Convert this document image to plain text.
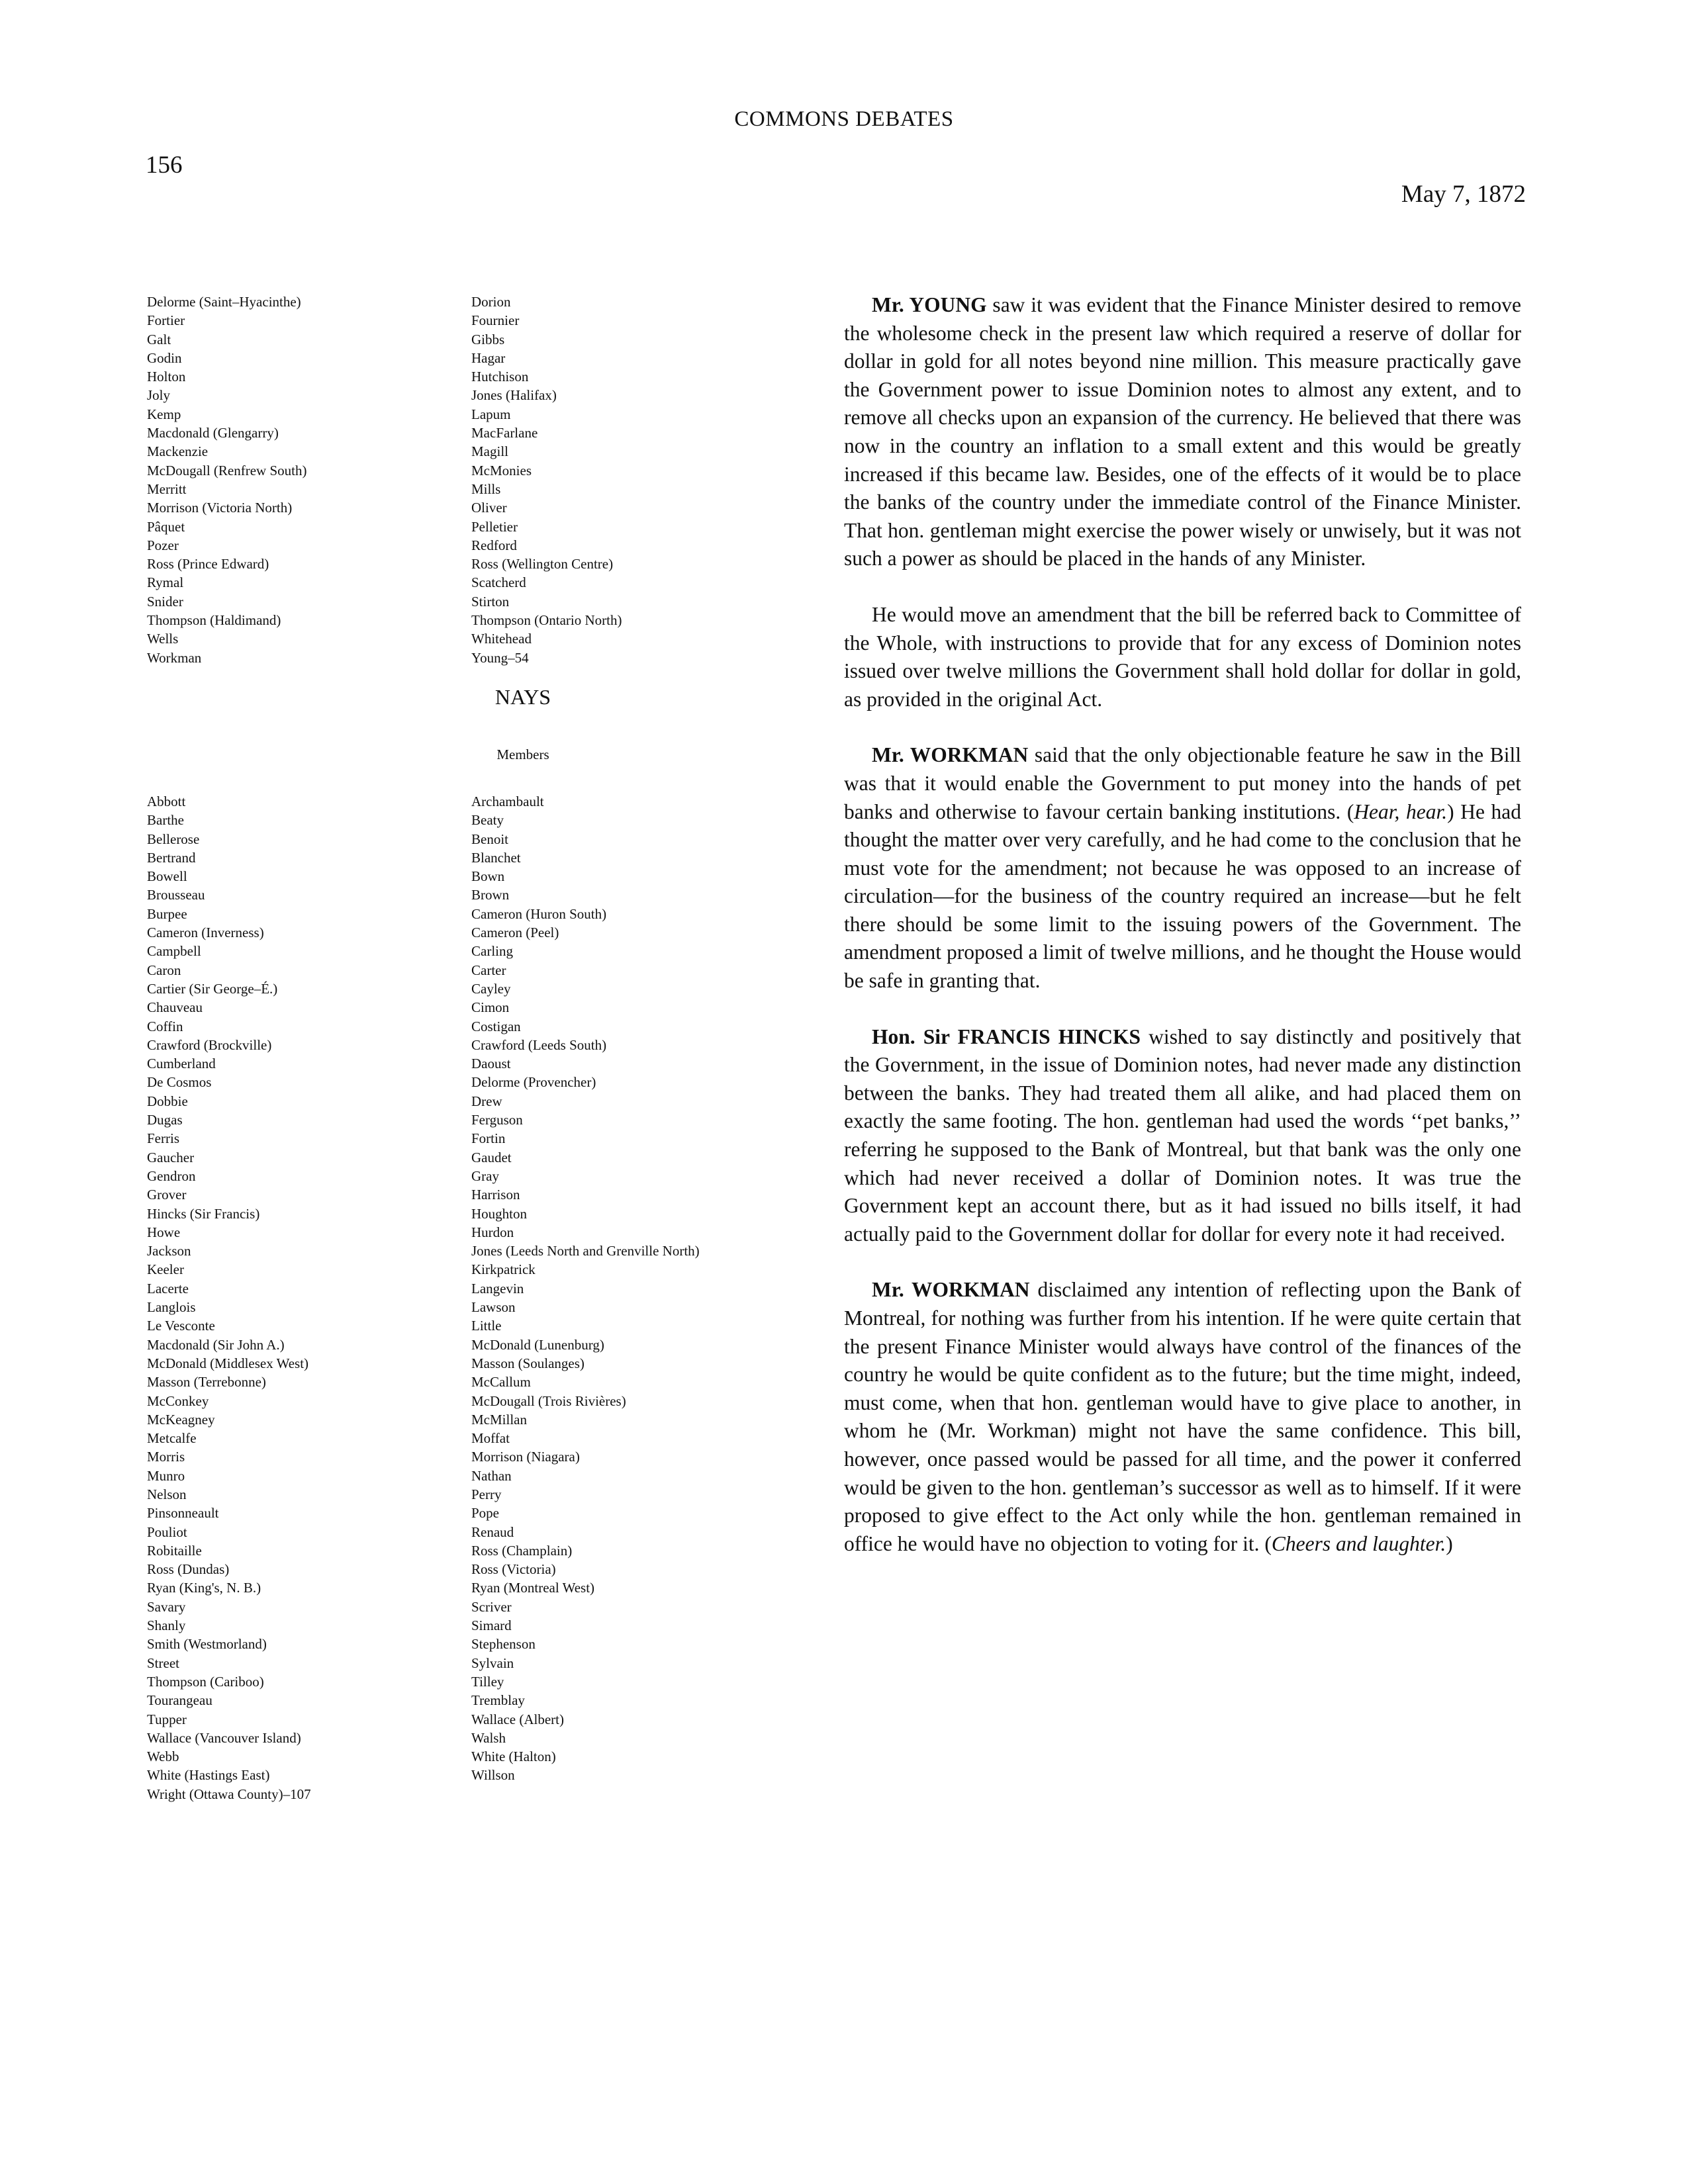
COMMONS DEBATES
156
May 7, 1872
Delorme (Saint–Hyacinthe)
Fortier
Galt
Godin
Holton
Joly
Kemp
Macdonald (Glengarry)
Mackenzie
McDougall (Renfrew South)
Merritt
Morrison (Victoria North)
Pâquet
Pozer
Ross (Prince Edward)
Rymal
Snider
Thompson (Haldimand)
Wells
Workman
Dorion
Fournier
Gibbs
Hagar
Hutchison
Jones (Halifax)
Lapum
MacFarlane
Magill
McMonies
Mills
Oliver
Pelletier
Redford
Ross (Wellington Centre)
Scatcherd
Stirton
Thompson (Ontario North)
Whitehead
Young–54
NAYS
Members
Abbott
Barthe
Bellerose
Bertrand
Bowell
Brousseau
Burpee
Cameron (Inverness)
Campbell
Caron
Cartier (Sir George–É.)
Chauveau
Coffin
Crawford (Brockville)
Cumberland
De Cosmos
Dobbie
Dugas
Ferris
Gaucher
Gendron
Grover
Hincks (Sir Francis)
Howe
Jackson
Keeler
Lacerte
Langlois
Le Vesconte
Macdonald (Sir John A.)
McDonald (Middlesex West)
Masson (Terrebonne)
McConkey
McKeagney
Metcalfe
Morris
Munro
Nelson
Pinsonneault
Pouliot
Robitaille
Ross (Dundas)
Ryan (King's, N. B.)
Savary
Shanly
Smith (Westmorland)
Street
Thompson (Cariboo)
Tourangeau
Tupper
Wallace (Vancouver Island)
Webb
White (Hastings East)
Wright (Ottawa County)–107
Archambault
Beaty
Benoit
Blanchet
Bown
Brown
Cameron (Huron South)
Cameron (Peel)
Carling
Carter
Cayley
Cimon
Costigan
Crawford (Leeds South)
Daoust
Delorme (Provencher)
Drew
Ferguson
Fortin
Gaudet
Gray
Harrison
Houghton
Hurdon
Jones (Leeds North and Grenville North)
Kirkpatrick
Langevin
Lawson
Little
McDonald (Lunenburg)
Masson (Soulanges)
McCallum
McDougall (Trois Rivières)
McMillan
Moffat
Morrison (Niagara)
Nathan
Perry
Pope
Renaud
Ross (Champlain)
Ross (Victoria)
Ryan (Montreal West)
Scriver
Simard
Stephenson
Sylvain
Tilley
Tremblay
Wallace (Albert)
Walsh
White (Halton)
Willson

Mr. YOUNG saw it was evident that the Finance Minister desired to remove the wholesome check in the present law which required a reserve of dollar for dollar in gold for all notes beyond nine million. This measure practically gave the Government power to issue Dominion notes to almost any extent, and to remove all checks upon an expansion of the currency. He believed that there was now in the country an inflation to a small extent and this would be greatly increased if this became law. Besides, one of the effects of it would be to place the banks of the country under the immediate control of the Finance Minister. That hon. gentleman might exercise the power wisely or unwisely, but it was not such a power as should be placed in the hands of any Minister.

He would move an amendment that the bill be referred back to Committee of the Whole, with instructions to provide that for any excess of Dominion notes issued over twelve millions the Government shall hold dollar for dollar in gold, as provided in the original Act.

Mr. WORKMAN said that the only objectionable feature he saw in the Bill was that it would enable the Government to put money into the hands of pet banks and otherwise to favour certain banking institutions. (Hear, hear.) He had thought the matter over very carefully, and he had come to the conclusion that he must vote for the amendment; not because he was opposed to an increase of circulation—for the business of the country required an increase—but he felt there should be some limit to the issuing powers of the Government. The amendment proposed a limit of twelve millions, and he thought the House would be safe in granting that.

Hon. Sir FRANCIS HINCKS wished to say distinctly and positively that the Government, in the issue of Dominion notes, had never made any distinction between the banks. They had treated them all alike, and had placed them on exactly the same footing. The hon. gentleman had used the words ‘‘pet banks,’’ referring he supposed to the Bank of Montreal, but that bank was the only one which had never received a dollar of Dominion notes. It was true the Government kept an account there, but as it had issued no bills itself, it had actually paid to the Government dollar for dollar for every note it had received.

Mr. WORKMAN disclaimed any intention of reflecting upon the Bank of Montreal, for nothing was further from his intention. If he were quite certain that the present Finance Minister would always have control of the finances of the country he would be quite confident as to the future; but the time might, indeed, must come, when that hon. gentleman would have to give place to another, in whom he (Mr. Workman) might not have the same confidence. This bill, however, once passed would be passed for all time, and the power it conferred would be given to the hon. gentleman’s successor as well as to himself. If it were proposed to give effect to the Act only while the hon. gentleman remained in office he would have no objection to voting for it. (Cheers and laughter.)
